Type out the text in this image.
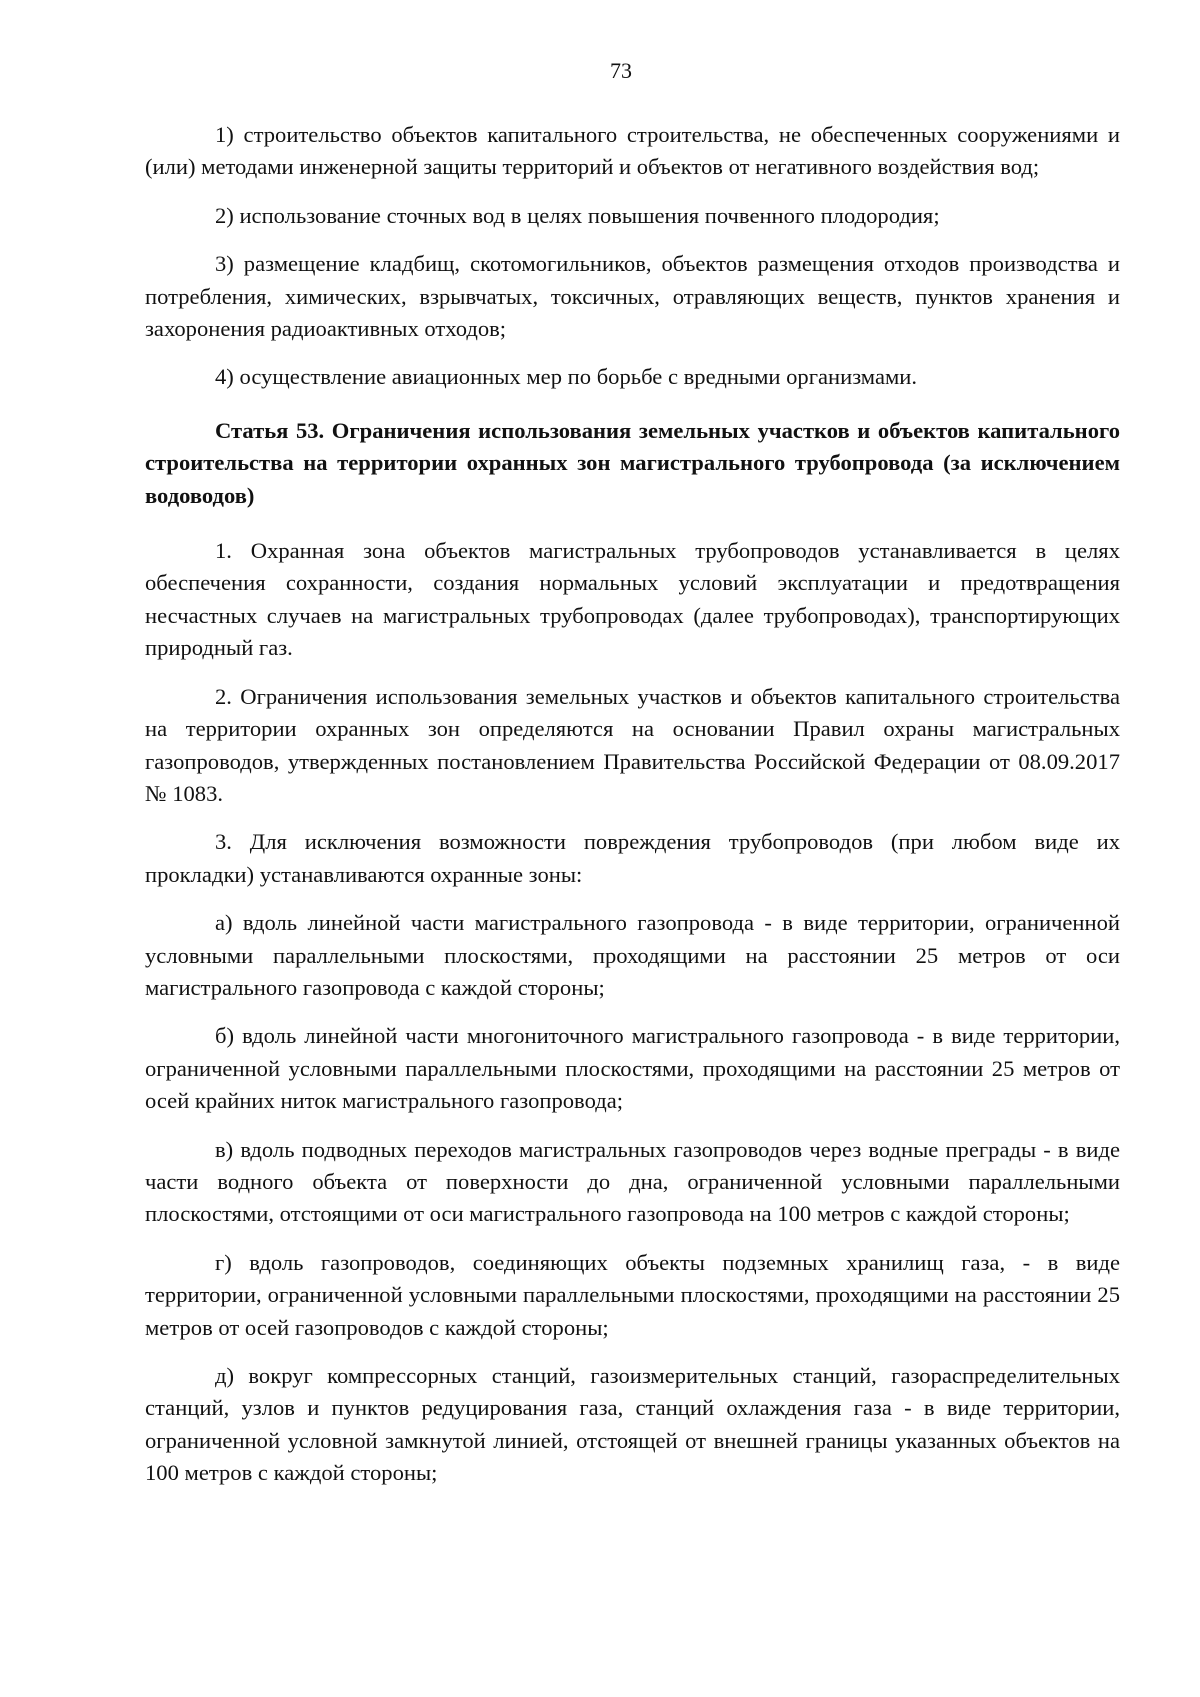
73

1) строительство объектов капитального строительства, не обеспеченных сооружениями и (или) методами инженерной защиты территорий и объектов от негативного воздействия вод;

2) использование сточных вод в целях повышения почвенного плодородия;

3) размещение кладбищ, скотомогильников, объектов размещения отходов производства и потребления, химических, взрывчатых, токсичных, отравляющих веществ, пунктов хранения и захоронения радиоактивных отходов;

4) осуществление авиационных мер по борьбе с вредными организмами.

Статья 53. Ограничения использования земельных участков и объектов капитального строительства на территории охранных зон магистрального трубопровода (за исключением водоводов)

1. Охранная зона объектов магистральных трубопроводов устанавливается в целях обеспечения сохранности, создания нормальных условий эксплуатации и предотвращения несчастных случаев на магистральных трубопроводах (далее трубопроводах), транспортирующих природный газ.

2. Ограничения использования земельных участков и объектов капитального строительства на территории охранных зон определяются на основании Правил охраны магистральных газопроводов, утвержденных постановлением Правительства Российской Федерации от 08.09.2017 № 1083.

3. Для исключения возможности повреждения трубопроводов (при любом виде их прокладки) устанавливаются охранные зоны:

а) вдоль линейной части магистрального газопровода - в виде территории, ограниченной условными параллельными плоскостями, проходящими на расстоянии 25 метров от оси магистрального газопровода с каждой стороны;

б) вдоль линейной части многониточного магистрального газопровода - в виде территории, ограниченной условными параллельными плоскостями, проходящими на расстоянии 25 метров от осей крайних ниток магистрального газопровода;

в) вдоль подводных переходов магистральных газопроводов через водные преграды - в виде части водного объекта от поверхности до дна, ограниченной условными параллельными плоскостями, отстоящими от оси магистрального газопровода на 100 метров с каждой стороны;

г) вдоль газопроводов, соединяющих объекты подземных хранилищ газа, - в виде территории, ограниченной условными параллельными плоскостями, проходящими на расстоянии 25 метров от осей газопроводов с каждой стороны;

д) вокруг компрессорных станций, газоизмерительных станций, газораспределительных станций, узлов и пунктов редуцирования газа, станций охлаждения газа - в виде территории, ограниченной условной замкнутой линией, отстоящей от внешней границы указанных объектов на 100 метров с каждой стороны;
